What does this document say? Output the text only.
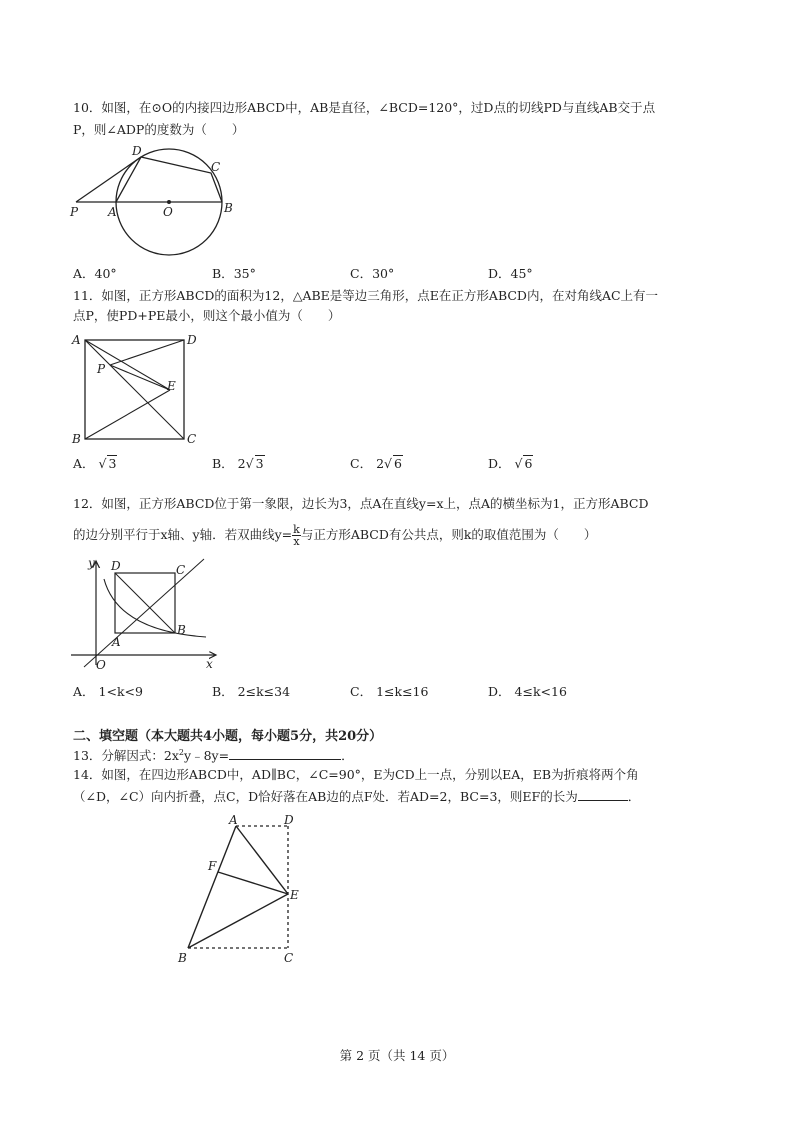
10．如图，在⊙O的内接四边形ABCD中，AB是直径，∠BCD=120°，过D点的切线PD与直线AB交于点
P，则∠ADP的度数为（　　）
P A	O	B
C
D
A．40°	B．35°	C．30°	D．45°
11．如图，正方形ABCD的面积为12，△ABE是等边三角形，点E在正方形ABCD内，在对角线AC上有一
点P，使PD+PE最小，则这个最小值为（　　）
A	D
P
E
B	C
A． √ 3	B． 2√ 3	C． 2√ 6	D． √ 6
12．如图，正方形ABCD位于第一象限，边长为3，点A在直线y=x上，点A的横坐标为1，正方形ABCD
的边分别平行于x轴、y轴．若双曲线$y= \frac{k}{x}$ 与正方形ABCD有公共点，则k的取值范围为（　　）
y
x
O
A
B
C
D
A． 1<k<9	B． 2≤k≤34	C． 1≤k≤16	D． 4≤k<16
二、填空题（本大题共4小题，每小题5分，共20分）
13．分解因式：$2x^2y﹣8y=$	．
14．如图，在四边形ABCD中，AD∥BC，∠C=90°，E为CD上一点，分别以EA，EB为折痕将两个角
（∠D，∠C）向内折叠，点C，D恰好落在AB边的点F处．若AD=2，BC=3，则EF的长为	．
A	D
F
E
B	C
第 2 页（共 14 页）
